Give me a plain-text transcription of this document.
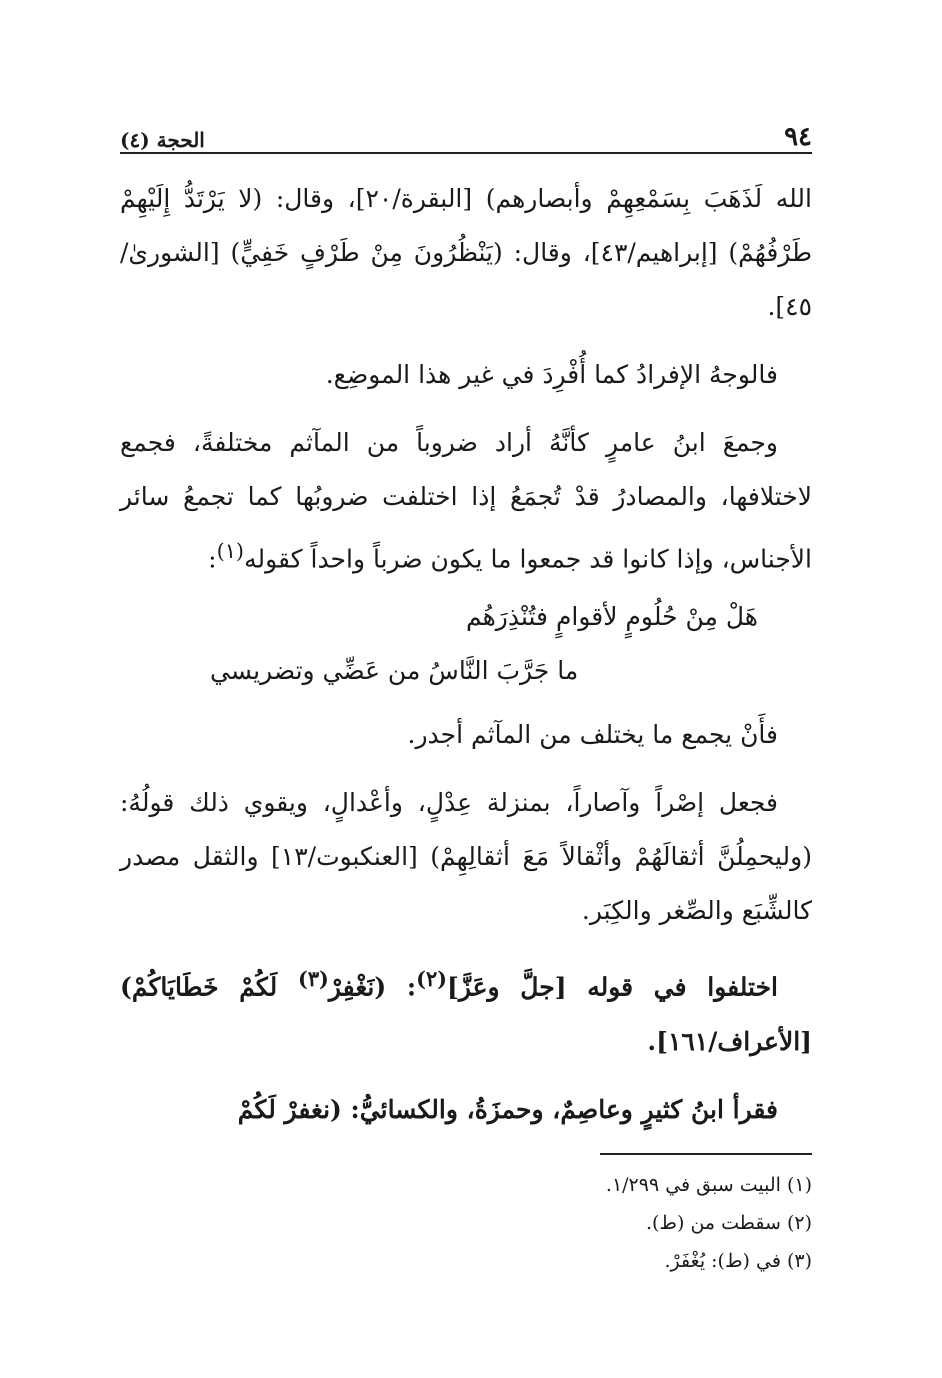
٩٤
الحجة (٤)

الله لَذَهَبَ بِسَمْعِهِمْ وأبصارهم) [البقرة/٢٠]، وقال: (لا يَرْتَدُّ إِلَيْهِمْ طَرْفُهُمْ) [إبراهيم/٤٣]، وقال: (يَنْظُرُونَ مِنْ طَرْفٍ خَفِيٍّ) [الشورىٰ/٤٥].

فالوجهُ الإفرادُ كما أُفْرِدَ في غير هذا الموضِع.

وجمعَ ابنُ عامرٍ كأنَّهُ أراد ضروباً من المآثم مختلفةً، فجمع لاختلافها، والمصادرُ قدْ تُجمَعُ إذا اختلفت ضروبُها كما تجمعُ سائر الأجناس، وإذا كانوا قد جمعوا ما يكون ضرباً واحداً كقوله$^{(١)}$:

هَلْ مِنْ حُلُومٍ لأقوامٍ فتُنْذِرَهُم
ما جَرَّبَ النَّاسُ من عَضِّي وتضريسي

فأَنْ يجمع ما يختلف من المآثم أجدر.

فجعل إصْراً وآصاراً، بمنزلة عِدْلٍ، وأعْدالٍ، ويقوي ذلك قولُهُ: (وليحمِلُنَّ أثقالَهُمْ وأثْقالاً مَعَ أثقالِهِمْ) [العنكبوت/١٣] والثقل مصدر كالشِّبَع والصِّغر والكِبَر.

اختلفوا في قوله [جلَّ وعَزَّ]$^{(٢)}$: (نَغْفِرْ$^{(٣)}$ لَكُمْ خَطَايَاكُمْ) [الأعراف/١٦١].

فقرأ ابنُ كثيرٍ وعاصِمٌ، وحمزَةُ، والكسائيُّ: (نغفرْ لَكُمْ

(١) البيت سبق في ١/٢٩٩.
(٢) سقطت من (ط).
(٣) في (ط): يُغْفَرْ.
